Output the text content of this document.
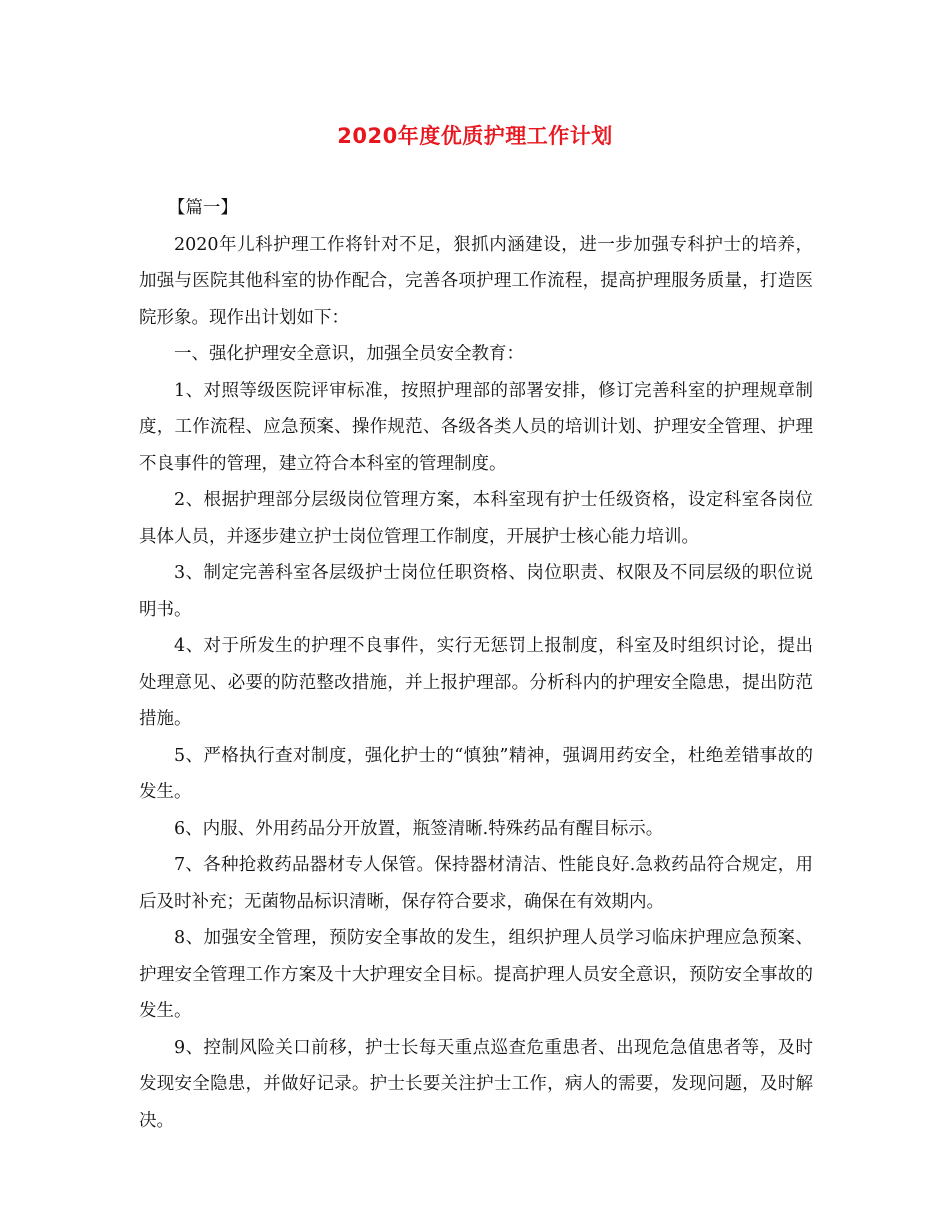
2020年度优质护理工作计划

【篇一】

2020年儿科护理工作将针对不足，狠抓内涵建设，进一步加强专科护士的培养，加强与医院其他科室的协作配合，完善各项护理工作流程，提高护理服务质量，打造医院形象。现作出计划如下：

一、强化护理安全意识，加强全员安全教育：

1、对照等级医院评审标准，按照护理部的部署安排，修订完善科室的护理规章制度，工作流程、应急预案、操作规范、各级各类人员的培训计划、护理安全管理、护理不良事件的管理，建立符合本科室的管理制度。

2、根据护理部分层级岗位管理方案，本科室现有护士任级资格，设定科室各岗位具体人员，并逐步建立护士岗位管理工作制度，开展护士核心能力培训。

3、制定完善科室各层级护士岗位任职资格、岗位职责、权限及不同层级的职位说明书。

4、对于所发生的护理不良事件，实行无惩罚上报制度，科室及时组织讨论，提出处理意见、必要的防范整改措施，并上报护理部。分析科内的护理安全隐患，提出防范措施。

5、严格执行查对制度，强化护士的“慎独”精神，强调用药安全，杜绝差错事故的发生。

6、内服、外用药品分开放置，瓶签清晰.特殊药品有醒目标示。

7、各种抢救药品器材专人保管。保持器材清洁、性能良好.急救药品符合规定，用后及时补充；无菌物品标识清晰，保存符合要求，确保在有效期内。

8、加强安全管理，预防安全事故的发生，组织护理人员学习临床护理应急预案、护理安全管理工作方案及十大护理安全目标。提高护理人员安全意识，预防安全事故的发生。

9、控制风险关口前移，护士长每天重点巡查危重患者、出现危急值患者等，及时发现安全隐患，并做好记录。护士长要关注护士工作，病人的需要，发现问题，及时解决。
